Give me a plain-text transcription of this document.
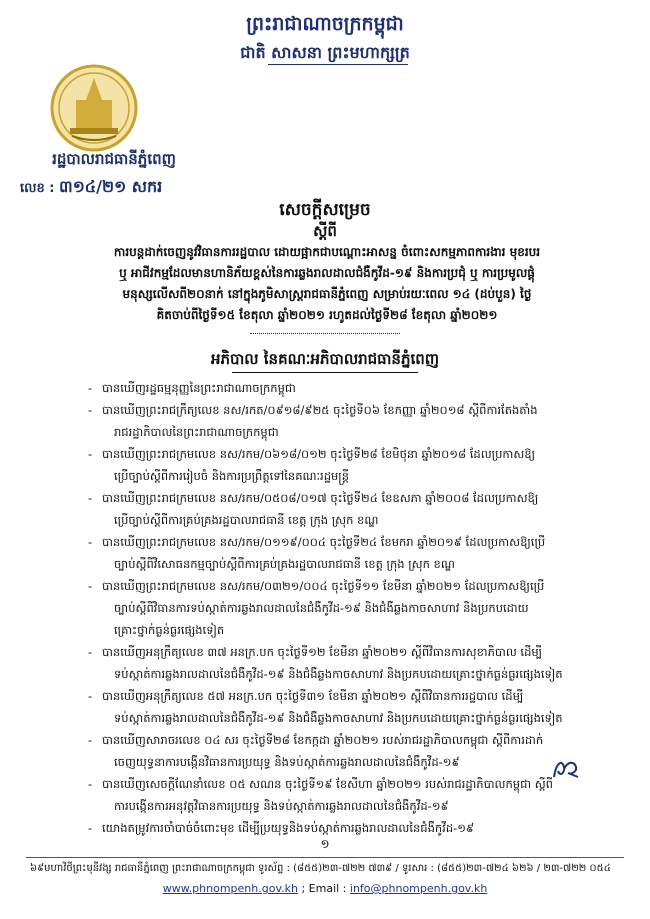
ព្រះរាជាណាចក្រកម្ពុជា
ជាតិ សាសនា ព្រះមហាក្សត្រ
រដ្ឋបាលរាជធានីភ្នំពេញ
លេខ : ៣១៤/២១ សករ
សេចក្តីសម្រេច
ស្តីពី
ការបន្តដាក់ចេញនូវវិធានការរដ្ឋបាល ដោយផ្អាកជាបណ្តោះអាសន្ន ចំពោះសកម្មភាពការងារ មុខរបរ
ឬ អាជីវកម្មដែលមានហានិភ័យខ្ពស់នៃការឆ្លងរាលដាលជំងឺកូវីដ-១៩ និងការប្រជុំ ឬ ការប្រមូលផ្តុំ
មនុស្សលើសពី២០នាក់ នៅក្នុងភូមិសាស្ត្ររាជធានីភ្នំពេញ សម្រាប់រយៈពេល ១៤ (ដប់បួន) ថ្ងៃ
គិតចាប់ពីថ្ងៃទី១៥ ខែតុលា ឆ្នាំ២០២១ រហូតដល់ថ្ងៃទី២៨ ខែតុលា ឆ្នាំ២០២១
អភិបាល នៃគណៈអភិបាលរាជធានីភ្នំពេញ
- បានឃើញរដ្ឋធម្មនុញ្ញនៃព្រះរាជាណាចក្រកម្ពុជា
- បានឃើញព្រះរាជក្រឹត្យលេខ នស/រកត/០៩១៨/៩២៥ ចុះថ្ងៃទី០៦ ខែកញ្ញា ឆ្នាំ២០១៨ ស្តីពីការតែងតាំង

រាជរដ្ឋាភិបាលនៃព្រះរាជាណាចក្រកម្ពុជា
- បានឃើញព្រះរាជក្រមលេខ នស/រកម/០៦១៨/០១២ ចុះថ្ងៃទី២៨ ខែមិថុនា ឆ្នាំ២០១៨ ដែលប្រកាសឱ្យ

ប្រើច្បាប់ស្តីពីការរៀបចំ និងការប្រព្រឹត្តទៅនៃគណៈរដ្ឋមន្ត្រី
- បានឃើញព្រះរាជក្រមលេខ នស/រកម/០៥០៨/០១៧ ចុះថ្ងៃទី២៤ ខែឧសភា ឆ្នាំ២០០៨ ដែលប្រកាសឱ្យ

ប្រើច្បាប់ស្តីពីការគ្រប់គ្រងរដ្ឋបាលរាជធានី ខេត្ត ក្រុង ស្រុក ខណ្ឌ
- បានឃើញព្រះរាជក្រមលេខ នស/រកម/០១១៩/០០៤ ចុះថ្ងៃទី២៤ ខែមករា ឆ្នាំ២០១៩ ដែលប្រកាសឱ្យប្រើ

ច្បាប់ស្តីពីវិសោធនកម្មច្បាប់ស្តីពីការគ្រប់គ្រងរដ្ឋបាលរាជធានី ខេត្ត ក្រុង ស្រុក ខណ្ឌ
- បានឃើញព្រះរាជក្រមលេខ នស/រកម/០៣២១/០០៤ ចុះថ្ងៃទី១១ ខែមីនា ឆ្នាំ២០២១ ដែលប្រកាសឱ្យប្រើ

ច្បាប់ស្តីពីវិធានការទប់ស្កាត់ការឆ្លងរាលដាលនៃជំងឺកូវីដ-១៩ និងជំងឺឆ្លងកាចសាហាវ និងប្រកបដោយ
គ្រោះថ្នាក់ធ្ងន់ធ្ងរផ្សេងទៀត
- បានឃើញអនុក្រឹត្យលេខ ៣៧ អនក្រ.បក ចុះថ្ងៃទី១២ ខែមីនា ឆ្នាំ២០២១ ស្តីពីវិធានការសុខាភិបាល ដើម្បី

ទប់ស្កាត់ការឆ្លងរាលដាលនៃជំងឺកូវីដ-១៩ និងជំងឺឆ្លងកាចសាហាវ និងប្រកបដោយគ្រោះថ្នាក់ធ្ងន់ធ្ងរផ្សេងទៀត
- បានឃើញអនុក្រឹត្យលេខ ៥៧ អនក្រ.បក ចុះថ្ងៃទី៣១ ខែមីនា ឆ្នាំ២០២១ ស្តីពីវិធានការរដ្ឋបាល ដើម្បី

ទប់ស្កាត់ការឆ្លងរាលដាលនៃជំងឺកូវីដ-១៩ និងជំងឺឆ្លងកាចសាហាវ និងប្រកបដោយគ្រោះថ្នាក់ធ្ងន់ធ្ងរផ្សេងទៀត
- បានឃើញសារាចរលេខ ០៤ សរ ចុះថ្ងៃទី២៨ ខែកក្កដា ឆ្នាំ២០២១ របស់រាជរដ្ឋាភិបាលកម្ពុជា ស្តីពីការដាក់

ចេញយុទ្ធនាការបង្កើនវិធានការប្រយុទ្ធ និងទប់ស្កាត់ការឆ្លងរាលដាលនៃជំងឺកូវីដ-១៩
- បានឃើញសេចក្តីណែនាំលេខ ០៥ សណន ចុះថ្ងៃទី១៩ ខែសីហា ឆ្នាំ២០២១ របស់រាជរដ្ឋាភិបាលកម្ពុជា ស្តីពី

ការបង្កើនការអនុវត្តវិធានការប្រយុទ្ធ និងទប់ស្កាត់ការឆ្លងរាលដាលនៃជំងឺកូវីដ-១៩
- យោងតម្រូវការចាំបាច់ចំពោះមុខ ដើម្បីប្រយុទ្ធនិងទប់ស្កាត់ការឆ្លងរាលដាលនៃជំងឺកូវីដ-១៩
១
៦៩មហាវិថីព្រះមុនីវង្ស រាជធានីភ្នំពេញ ព្រះរាជាណាចក្រកម្ពុជា ទូរស័ព្ទ : (៨៥៥)២៣-៧២២ ៧៣៩ / ទូរសារ : (៨៥៥)២៣-៧២៤ ៦២៦ / ២៣-៧២២ ០៥៤
www.phnompenh.gov.kh ; Email : info@phnompenh.gov.kh
